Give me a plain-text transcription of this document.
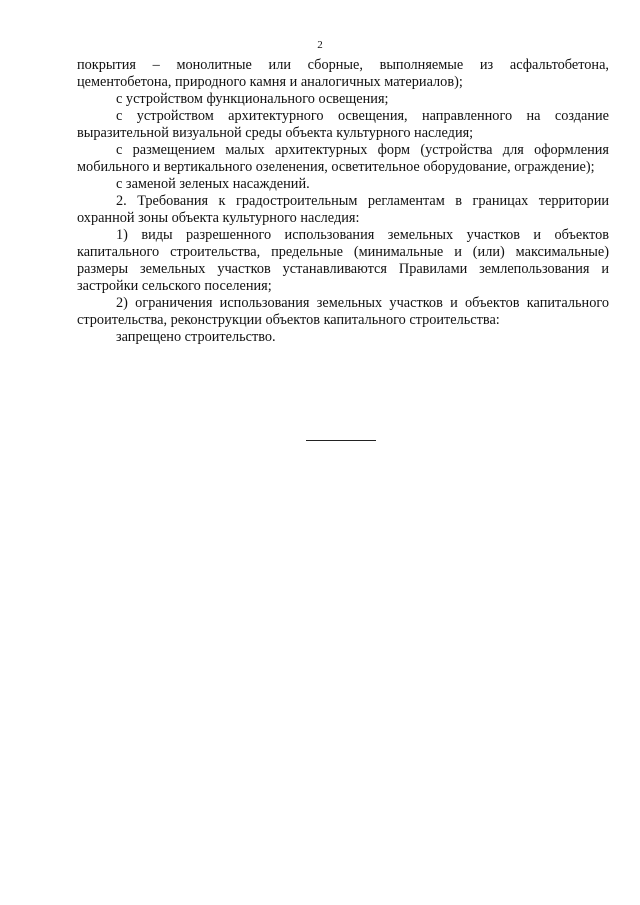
2

покрытия – монолитные или сборные, выполняемые из асфальтобетона, цементобетона, природного камня и аналогичных материалов);

с устройством функционального освещения;

с устройством архитектурного освещения, направленного на создание выразительной визуальной среды объекта культурного наследия;

с размещением малых архитектурных форм (устройства для оформления мобильного и вертикального озеленения, осветительное оборудование, ограждение);

с заменой зеленых насаждений.

2. Требования к градостроительным регламентам в границах территории охранной зоны объекта культурного наследия:

1) виды разрешенного использования земельных участков и объектов капитального строительства, предельные (минимальные и (или) максимальные) размеры земельных участков устанавливаются Правилами землепользования и застройки сельского поселения;

2) ограничения использования земельных участков и объектов капитального строительства, реконструкции объектов капитального строительства:

запрещено строительство.
